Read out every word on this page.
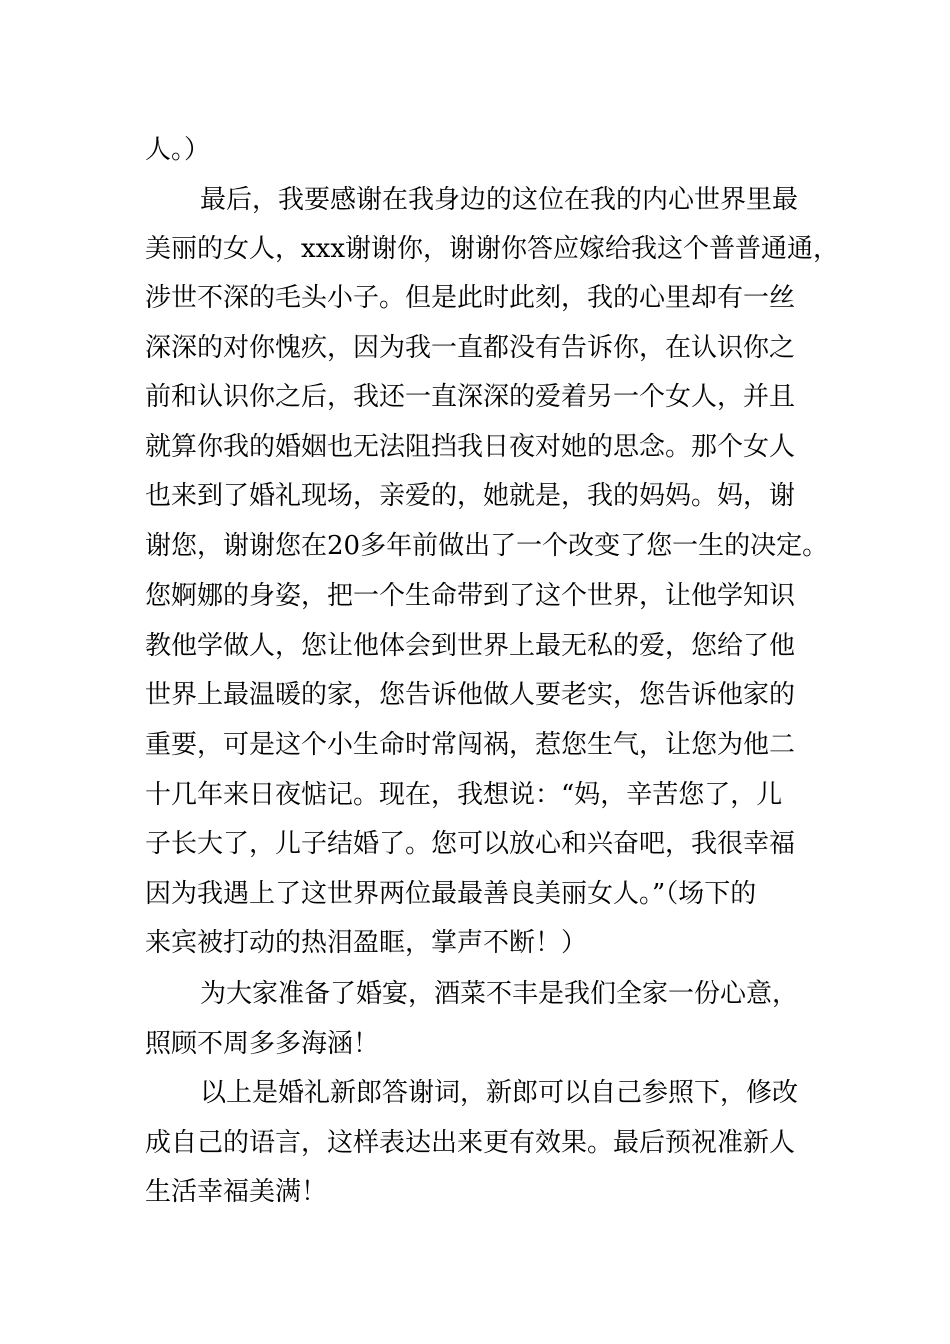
人。）
最后，我要感谢在我身边的这位在我的内心世界里最
美丽的女人，xxx谢谢你，谢谢你答应嫁给我这个普普通通，
涉世不深的毛头小子。但是此时此刻，我的心里却有一丝
深深的对你愧疚，因为我一直都没有告诉你，在认识你之
前和认识你之后，我还一直深深的爱着另一个女人，并且
就算你我的婚姻也无法阻挡我日夜对她的思念。那个女人
也来到了婚礼现场，亲爱的，她就是，我的妈妈。妈，谢
谢您，谢谢您在20多年前做出了一个改变了您一生的决定。
您婀娜的身姿，把一个生命带到了这个世界，让他学知识
教他学做人，您让他体会到世界上最无私的爱，您给了他
世界上最温暖的家，您告诉他做人要老实，您告诉他家的
重要，可是这个小生命时常闯祸，惹您生气，让您为他二
十几年来日夜惦记。现在，我想说：“妈，辛苦您了，儿
子长大了，儿子结婚了。您可以放心和兴奋吧，我很幸福
因为我遇上了这世界两位最最善良美丽女人。”（场下的
来宾被打动的热泪盈眶，掌声不断！）
为大家准备了婚宴，酒菜不丰是我们全家一份心意，
照顾不周多多海涵！
以上是婚礼新郎答谢词，新郎可以自己参照下，修改
成自己的语言，这样表达出来更有效果。最后预祝准新人
生活幸福美满！
